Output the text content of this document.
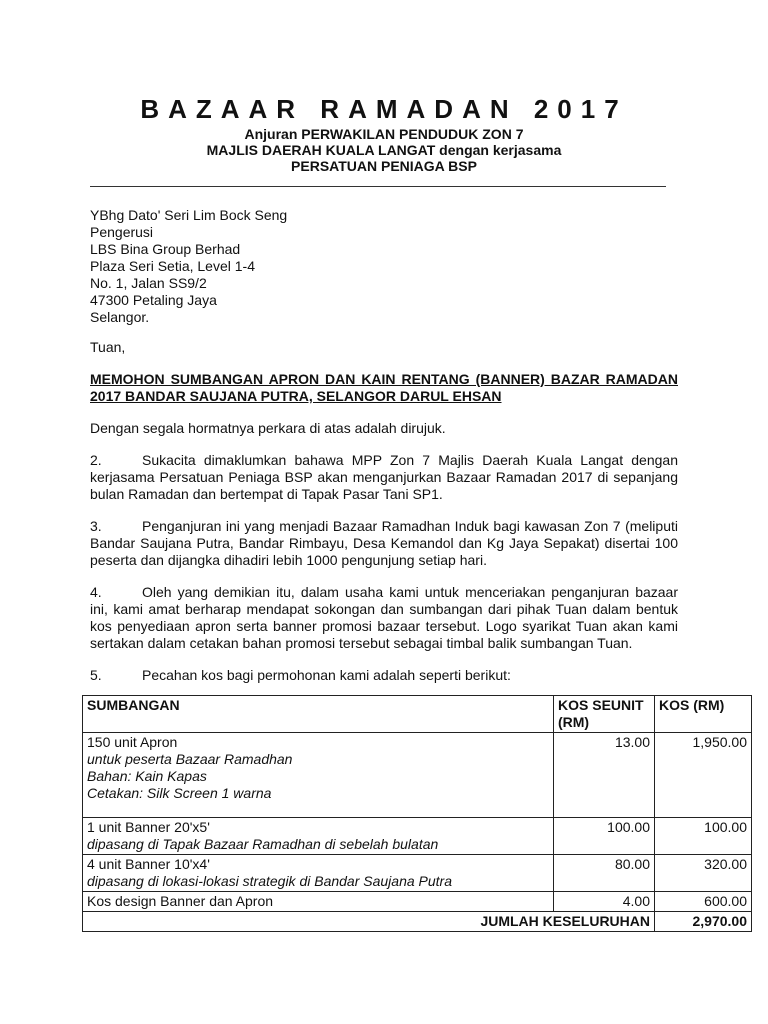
BAZAAR RAMADAN 2017
Anjuran PERWAKILAN PENDUDUK ZON 7
MAJLIS DAERAH KUALA LANGAT dengan kerjasama
PERSATUAN PENIAGA BSP
YBhg Dato' Seri Lim Bock Seng
Pengerusi
LBS Bina Group Berhad
Plaza Seri Setia, Level 1-4
No. 1, Jalan SS9/2
47300 Petaling Jaya
Selangor.
Tuan,
MEMOHON SUMBANGAN APRON DAN KAIN RENTANG (BANNER) BAZAR RAMADAN 2017 BANDAR SAUJANA PUTRA, SELANGOR DARUL EHSAN
Dengan segala hormatnya perkara di atas adalah dirujuk.
2.	Sukacita dimaklumkan bahawa MPP Zon 7 Majlis Daerah Kuala Langat dengan kerjasama Persatuan Peniaga BSP akan menganjurkan Bazaar Ramadan 2017 di sepanjang bulan Ramadan dan bertempat di Tapak Pasar Tani SP1.
3.	Penganjuran ini yang menjadi Bazaar Ramadhan Induk bagi kawasan Zon 7 (meliputi Bandar Saujana Putra, Bandar Rimbayu, Desa Kemandol dan Kg Jaya Sepakat) disertai 100 peserta dan dijangka dihadiri lebih 1000 pengunjung setiap hari.
4.	Oleh yang demikian itu, dalam usaha kami untuk menceriakan penganjuran bazaar ini, kami amat berharap mendapat sokongan dan sumbangan dari pihak Tuan dalam bentuk kos penyediaan apron serta banner promosi bazaar tersebut. Logo syarikat Tuan akan kami sertakan dalam cetakan bahan promosi tersebut sebagai timbal balik sumbangan Tuan.
5.	Pecahan kos bagi permohonan kami adalah seperti berikut:
SUMBANGAN	KOS SEUNIT (RM)	KOS (RM)

150 unit Apron
untuk peserta Bazaar Ramadhan
Bahan: Kain Kapas
Cetakan: Silk Screen 1 warna	13.00	1,950.00

1 unit Banner 20'x5'
dipasang di Tapak Bazaar Ramadhan di sebelah bulatan	100.00	100.00

4 unit Banner 10'x4'
dipasang di lokasi-lokasi strategik di Bandar Saujana Putra	80.00	320.00

Kos design Banner dan Apron	4.00	600.00
JUMLAH KESELURUHAN		2,970.00
